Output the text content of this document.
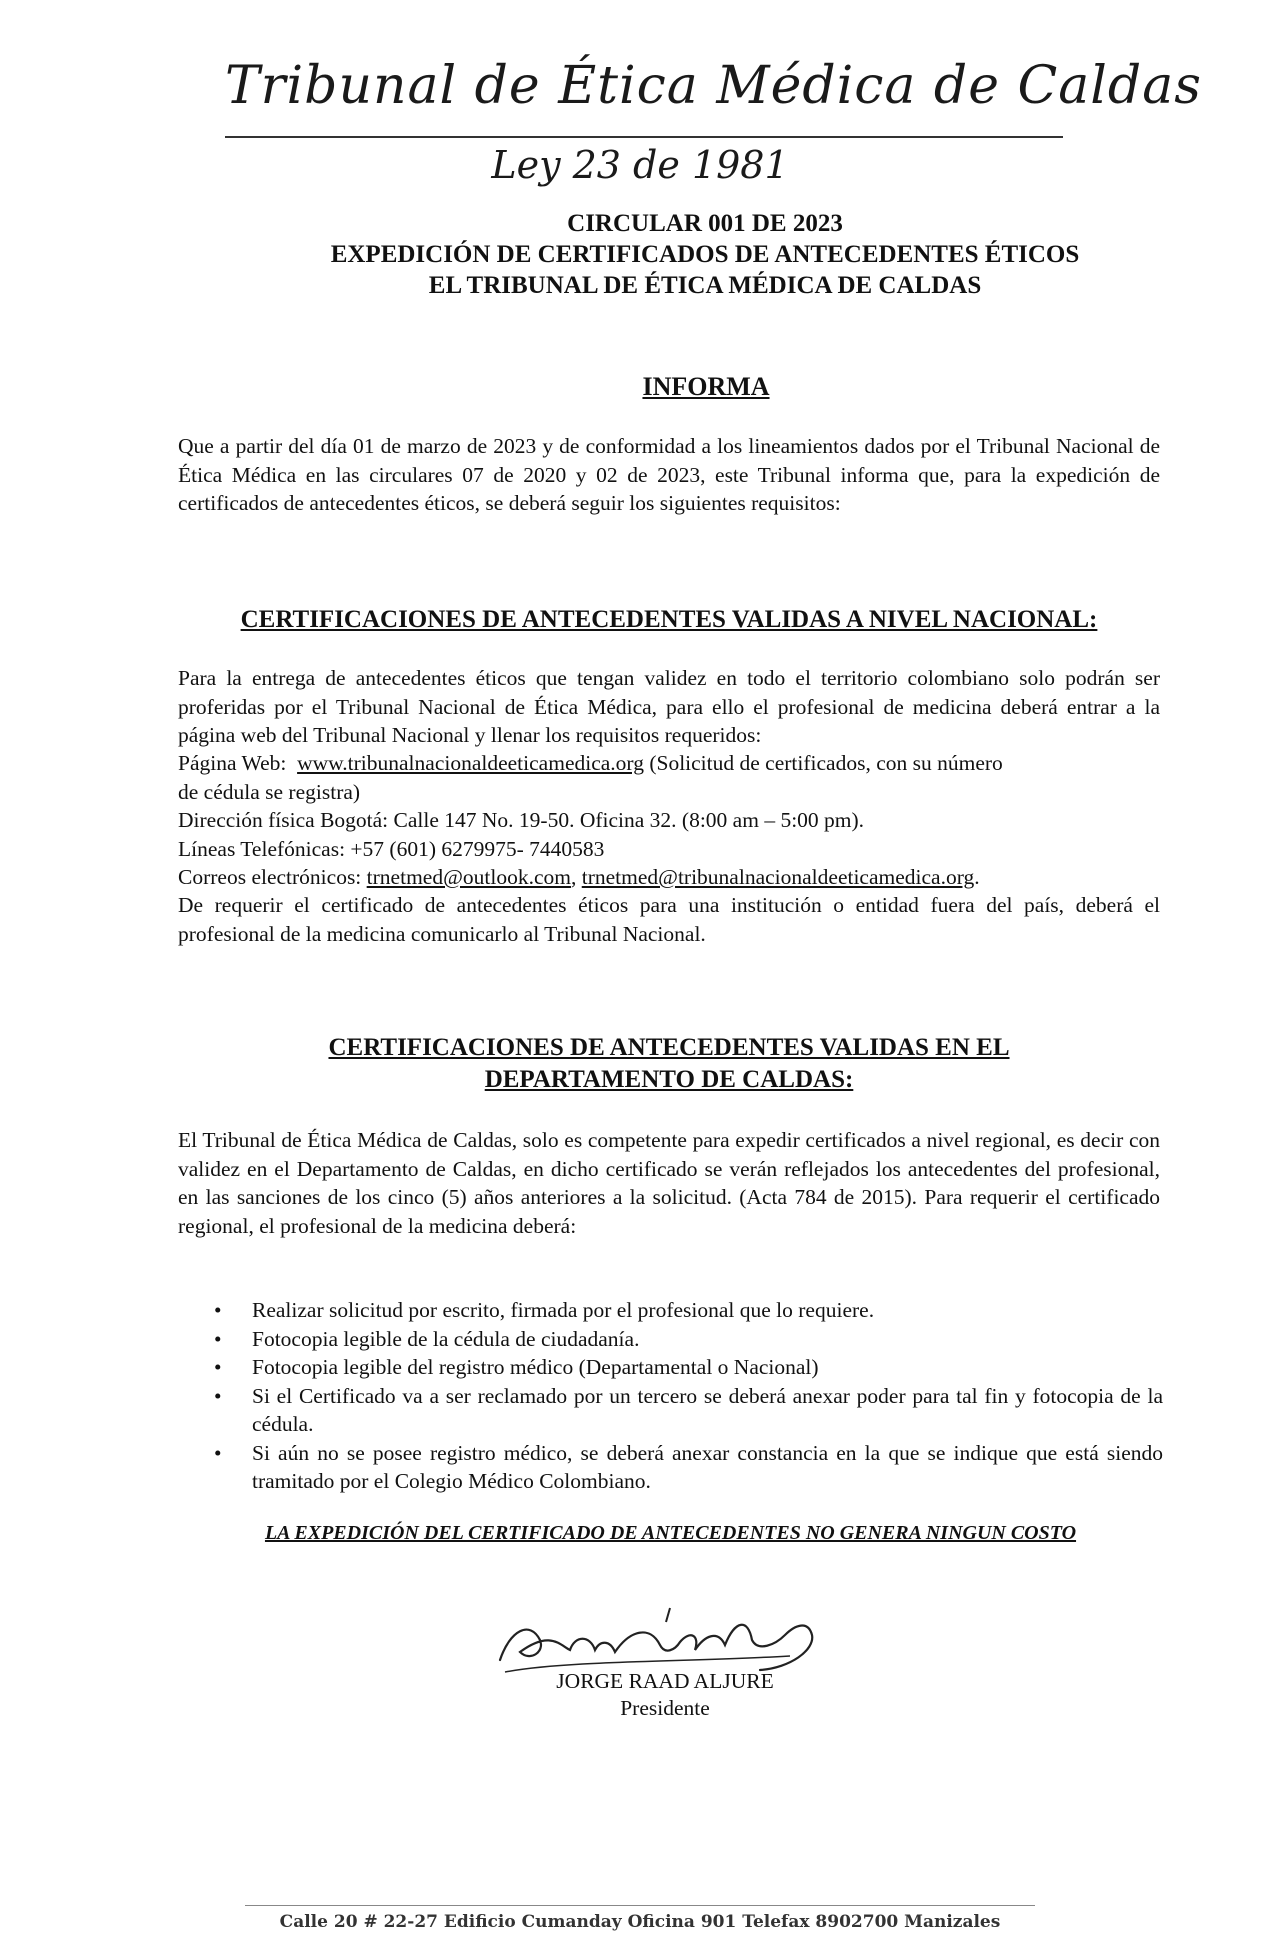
Tribunal de Ética Médica de Caldas
Ley 23 de 1981

CIRCULAR 001 DE 2023

EXPEDICIÓN DE CERTIFICADOS DE ANTECEDENTES ÉTICOS

EL TRIBUNAL DE ÉTICA MÉDICA DE CALDAS

INFORMA

Que a partir del día 01 de marzo de 2023 y de conformidad a los lineamientos dados por el Tribunal Nacional de Ética Médica en las circulares 07 de 2020 y 02 de 2023, este Tribunal informa que, para la expedición de certificados de antecedentes éticos, se deberá seguir los siguientes requisitos:

CERTIFICACIONES DE ANTECEDENTES VALIDAS A NIVEL NACIONAL:

Para la entrega de antecedentes éticos que tengan validez en todo el territorio colombiano solo podrán ser proferidas por el Tribunal Nacional de Ética Médica, para ello el profesional de medicina deberá entrar a la página web del Tribunal Nacional y llenar los requisitos requeridos:

Página Web: www.tribunalnacionaldeeticamedica.org (Solicitud de certificados, con su número
de cédula se registra)
Dirección física Bogotá: Calle 147 No. 19-50. Oficina 32. (8:00 am – 5:00 pm).
Líneas Telefónicas: +57 (601) 6279975- 7440583
Correos electrónicos: trnetmed@outlook.com, trnetmed@tribunalnacionaldeeticamedica.org.

De requerir el certificado de antecedentes éticos para una institución o entidad fuera del país, deberá el profesional de la medicina comunicarlo al Tribunal Nacional.

CERTIFICACIONES DE ANTECEDENTES VALIDAS EN EL
DEPARTAMENTO DE CALDAS:

El Tribunal de Ética Médica de Caldas, solo es competente para expedir certificados a nivel regional, es decir con validez en el Departamento de Caldas, en dicho certificado se verán reflejados los antecedentes del profesional, en las sanciones de los cinco (5) años anteriores a la solicitud. (Acta 784 de 2015). Para requerir el certificado regional, el profesional de la medicina deberá:

• Realizar solicitud por escrito, firmada por el profesional que lo requiere.
• Fotocopia legible de la cédula de ciudadanía.
• Fotocopia legible del registro médico (Departamental o Nacional)
• Si el Certificado va a ser reclamado por un tercero se deberá anexar poder para tal fin y fotocopia de la cédula.
• Si aún no se posee registro médico, se deberá anexar constancia en la que se indique que está siendo tramitado por el Colegio Médico Colombiano.
LA EXPEDICIÓN DEL CERTIFICADO DE ANTECEDENTES NO GENERA NINGUN COSTO
JORGE RAAD ALJURE
Presidente
Calle 20 # 22-27 Edificio Cumanday Oficina 901 Telefax 8902700 Manizales
